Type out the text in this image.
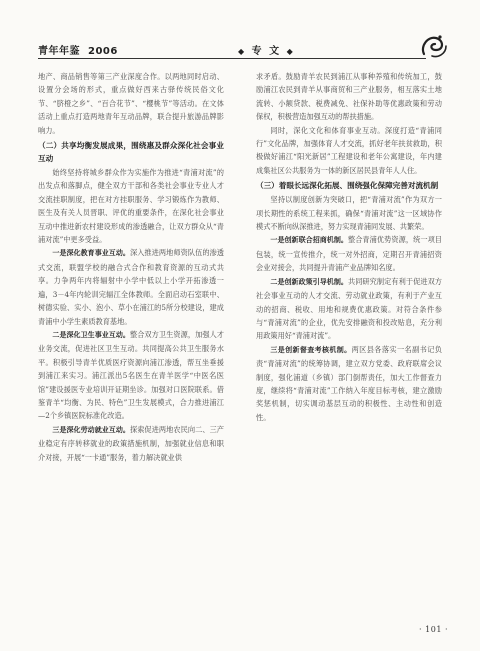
青年年鉴 2006	◆ 专 文 ◆

地产、商品销售等第三产业深度合作。以两地同时启动、设置分会场的形式，重点做好西来古驿传统民俗文化节、“脐橙之乡”、“百合花节”、“樱桃节”等活动。在文体活动上重点打造两地青年互动品牌，联合提升旅游品牌影响力。

（二）共享均衡发展成果，围绕惠及群众深化社会事业互动

始终坚持将城乡群众作为实施作为推进“青浦对流”的出发点和落脚点，健全双方干部和各类社会事业专业人才交流挂职制度，把在对方挂职服务、学习锻炼作为教师、医生及有关人员晋职、评优的重要条件，在深化社会事业互动中推进新农村建设形成的渗透融合，让双方群众从“青浦对流”中更多受益。

一是深化教育事业互动。深入推进两地师资队伍的渗透式交流，联盟学校的融合式合作和教育资源的互动式共享。力争两年内将辐射中小学中低以上小学开拓渗透一遍，3－4年内轮训完辐江全体教师。全面启动石室联中、树德实验、实小、泡小、草小在浦江的5所分校建设，建成青浦中小学生素质教育基地。

二是深化卫生事业互动。整合双方卫生资源，加强人才业务交流，促进社区卫生互动。共同提高公共卫生服务水平。积极引导青羊优质医疗资源向浦江渗透，帮互坐垂援到浦江来实习。浦江派出5名医生在青羊医学“中医名医馆”建设援医专业培训开证期坐诊。加强对口医院联系。借鉴青羊“均衡、为民、特色”卫生发展模式，合力推进浦江—2个乡镇医院标准化改造。

三是深化劳动就业互动。探索促进两地农民向二、三产业稳定有序转移就业的政策措施机制，加强就业信息和职介对接，开展“一卡通”服务，着力解决就业供

求矛盾。鼓励青羊农民到浦江从事种养殖和传统加工，鼓励浦江农民到青羊从事商贸和三产业服务，相互落实土地流转、小额贷款、税费减免、社保补助等优惠政策和劳动保权，积极营造加强互动的帮扶措施。

同时，深化文化和体育事业互动。深度打造“青浦同行”文化品牌，加强体育人才交流，抓好老年扶贫救助，积极做好浦江“阳光新居”工程建设和老年公寓建设，年内建成集社区公共服务为一体的新区居民县青年人人住。

（三）着眼长远深化拓展、围绕强化保障完善对流机制

坚持以制度创新为突破口，把“青浦对流”作为双方一项长期性的系统工程来抓，确保“青浦对流”这一区域协作模式不断向纵深推进，努力实现青浦同发展、共繁荣。

一是创新联合招商机制。整合青浦优势资源，统一项目包装，统一宣传推介，统一对外招商，定期召开青浦招资会业对接会，共同提升青浦产业品牌知名度。

二是创新政策引导机制。共同研究制定有利于促进双方社会事业互动的人才交流、劳动就业政策，有利于产业互动的招商、税收、用地和规费优惠政策。对符合条件参与“青浦对流”的企业，优先安排融资和投改贴息，充分利用政策用好“青浦对流”。

三是创新督查考核机制。两区县各落实一名副书记负责“青浦对流”的统筹协调，建立双方党委、政府联席会议制度，强化浦道（乡镇）部门倒帮责任，加大工作督查力度，继续将“青浦对流”工作纳入年度目标考核，建立激励奖惩机制，切实调动基层互动的积极性、主动性和创造性。

· 101 ·
